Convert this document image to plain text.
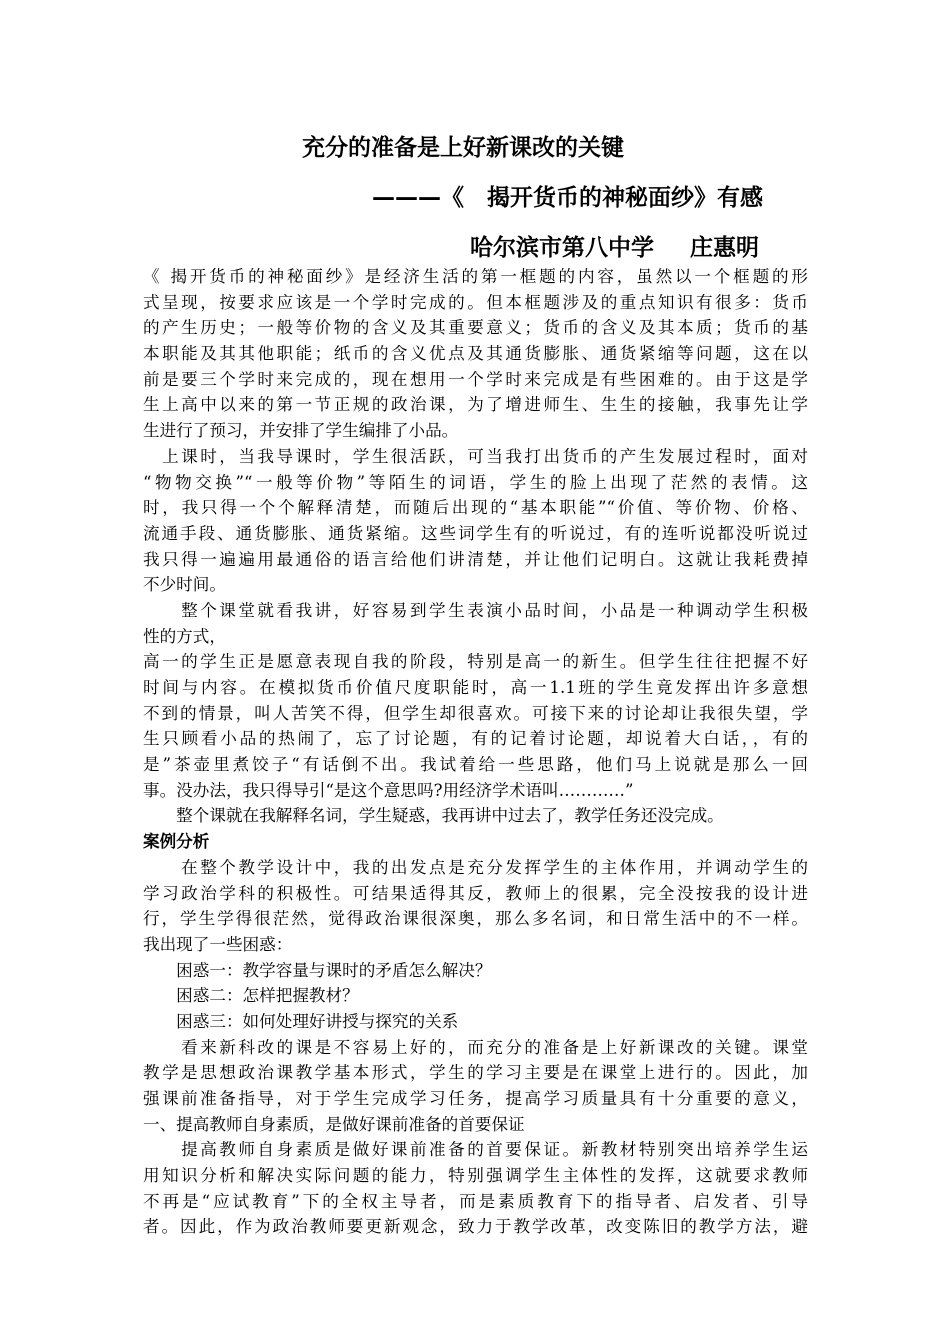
充分的准备是上好新课改的关键
———《　揭开货币的神秘面纱》有感
哈尔滨市第八中学 庄惠明
《 揭开货币的神秘面纱》是经济生活的第一框题的内容，虽然以一个框题的形
式呈现，按要求应该是一个学时完成的。但本框题涉及的重点知识有很多：货币
的产生历史；一般等价物的含义及其重要意义；货币的含义及其本质；货币的基
本职能及其其他职能；纸币的含义优点及其通货膨胀、通货紧缩等问题，这在以
前是要三个学时来完成的，现在想用一个学时来完成是有些困难的。由于这是学
生上高中以来的第一节正规的政治课，为了增进师生、生生的接触，我事先让学
生进行了预习，并安排了学生编排了小品。
　上课时，当我导课时，学生很活跃，可当我打出货币的产生发展过程时，面对
“物物交换”“一般等价物”等陌生的词语，学生的脸上出现了茫然的表情。这
时，我只得一个个解释清楚，而随后出现的“基本职能”“价值、等价物、价格、
流通手段、通货膨胀、通货紧缩。这些词学生有的听说过，有的连听说都没听说过
我只得一遍遍用最通俗的语言给他们讲清楚，并让他们记明白。这就让我耗费掉
不少时间。
　　整个课堂就看我讲，好容易到学生表演小品时间，小品是一种调动学生积极
性的方式，
高一的学生正是愿意表现自我的阶段，特别是高一的新生。但学生往往把握不好
时间与内容。在模拟货币价值尺度职能时，高一1.1班的学生竟发挥出许多意想
不到的情景，叫人苦笑不得，但学生却很喜欢。可接下来的讨论却让我很失望，学
生只顾看小品的热闹了，忘了讨论题，有的记着讨论题，却说着大白话，，有的
是”茶壶里煮饺子“有话倒不出。我试着给一些思路，他们马上说就是那么一回
事。没办法，我只得导引“是这个意思吗?用经济学术语叫…………”
　　整个课就在我解释名词，学生疑惑，我再讲中过去了，教学任务还没完成。
案例分析
　　在整个教学设计中，我的出发点是充分发挥学生的主体作用，并调动学生的
学习政治学科的积极性。可结果适得其反，教师上的很累，完全没按我的设计进
行，学生学得很茫然，觉得政治课很深奥，那么多名词，和日常生活中的不一样。
我出现了一些困惑：
　　困惑一：教学容量与课时的矛盾怎么解决？
　　困惑二：怎样把握教材？
　　困惑三：如何处理好讲授与探究的关系
　　看来新科改的课是不容易上好的，而充分的准备是上好新课改的关键。课堂
教学是思想政治课教学基本形式，学生的学习主要是在课堂上进行的。因此，加
强课前准备指导，对于学生完成学习任务，提高学习质量具有十分重要的意义，
一、提高教师自身素质，是做好课前准备的首要保证
　　提高教师自身素质是做好课前准备的首要保证。新教材特别突出培养学生运
用知识分析和解决实际问题的能力，特别强调学生主体性的发挥，这就要求教师
不再是“应试教育”下的全权主导者，而是素质教育下的指导者、启发者、引导
者。因此，作为政治教师要更新观念，致力于教学改革，改变陈旧的教学方法，避
